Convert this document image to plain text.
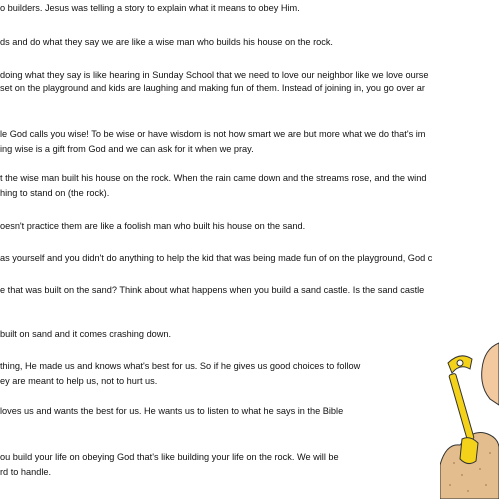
o builders. Jesus was telling a story to explain what it means to obey Him.
ds and do what they say we are like a wise man who builds his house on the rock.
doing what they say is like hearing in Sunday School that we need to love our neighbor like we love ourse
set on the playground and kids are laughing and making fun of them. Instead of joining in, you go over ar
le God calls you wise! To be wise or have wisdom is not how smart we are but more what we do that's im
ing wise is a gift from God and we can ask for it when we pray.
t the wise man built his house on the rock. When the rain came down and the streams rose, and the wind
hing to stand on (the rock).
oesn't practice them are like a foolish man who built his house on the sand.
as yourself and you didn't do anything to help the kid that was being made fun of on the playground, God c
e that was built on the sand? Think about what happens when you build a sand castle. Is the sand castle
built on sand and it comes crashing down.
thing, He made us and knows what's best for us. So if he gives us good choices to follow
ey are meant to help us, not to hurt us.
loves us and wants the best for us. He wants us to listen to what he says in the Bible
ou build your life on obeying God that's like building your life on the rock. We will be
rd to handle.
